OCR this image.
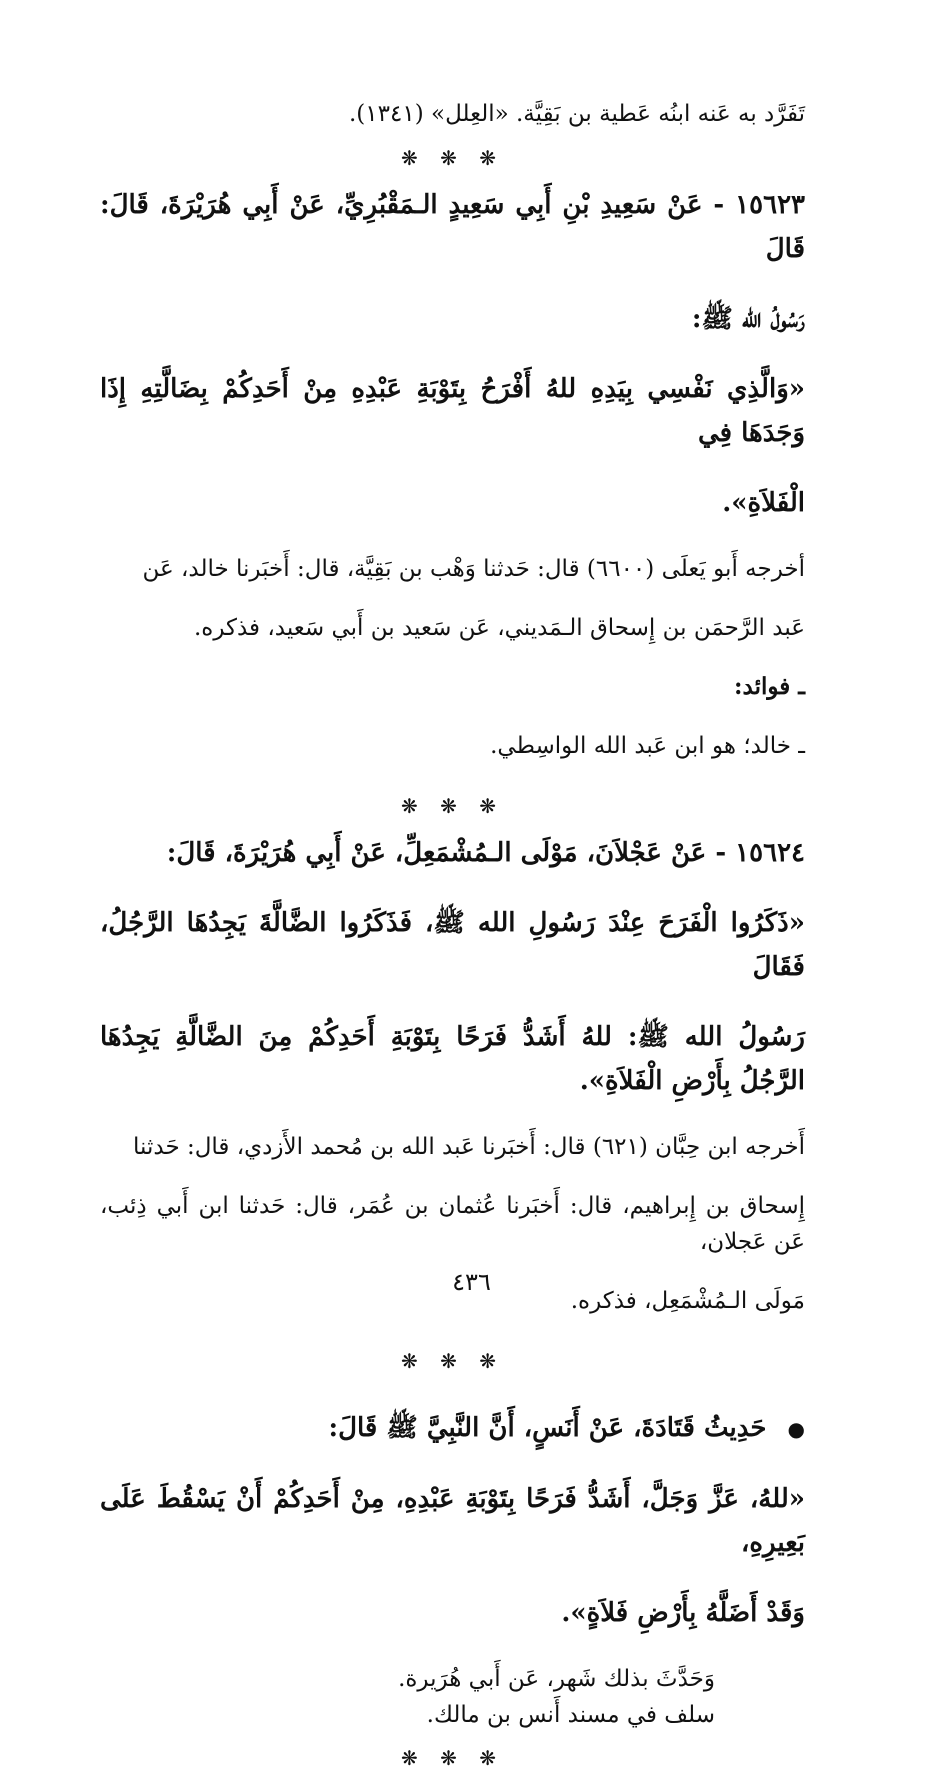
تَفَرَّد به عَنه ابنُه عَطية بن بَقِيَّة. «العِلل» (١٣٤١).

❋ ❋ ❋

١٥٦٢٣ - عَنْ سَعِيدِ بْنِ أَبِي سَعِيدٍ الـمَقْبُرِيِّ، عَنْ أَبِي هُرَيْرَةَ، قَالَ: قَالَ

رَسُولُ الله ﷺ:

«وَالَّذِي نَفْسِي بِيَدِهِ للهُ أَفْرَحُ بِتَوْبَةِ عَبْدِهِ مِنْ أَحَدِكُمْ بِضَالَّتِهِ إِذَا وَجَدَهَا فِي

الْفَلاَةِ».

أخرجه أَبو يَعلَى (٦٦٠٠) قال: حَدثنا وَهْب بن بَقِيَّة، قال: أَخبَرنا خالد، عَن

عَبد الرَّحمَن بن إِسحاق الـمَديني، عَن سَعيد بن أَبي سَعيد، فذكره.

ـ فوائد:

ـ خالد؛ هو ابن عَبد الله الواسِطي.

❋ ❋ ❋

١٥٦٢٤ - عَنْ عَجْلاَنَ، مَوْلَى الـمُشْمَعِلِّ، عَنْ أَبِي هُرَيْرَةَ، قَالَ:

«ذَكَرُوا الْفَرَحَ عِنْدَ رَسُولِ الله ﷺ، فَذَكَرُوا الضَّالَّةَ يَجِدُهَا الرَّجُلُ، فَقَالَ

رَسُولُ الله ﷺ: للهُ أَشَدُّ فَرَحًا بِتَوْبَةِ أَحَدِكُمْ مِنَ الضَّالَّةِ يَجِدُهَا الرَّجُلُ بِأَرْضِ الْفَلاَةِ».

أَخرجه ابن حِبَّان (٦٢١) قال: أَخبَرنا عَبد الله بن مُحمد الأَزدي، قال: حَدثنا

إِسحاق بن إِبراهيم، قال: أَخبَرنا عُثمان بن عُمَر، قال: حَدثنا ابن أَبي ذِئب، عَن عَجلان،

مَولَى الـمُشْمَعِل، فذكره.

❋ ❋ ❋

● حَدِيثُ قَتَادَةَ، عَنْ أَنَسٍ، أَنَّ النَّبِيَّ ﷺ قَالَ:

«للهُ، عَزَّ وَجَلَّ، أَشَدُّ فَرَحًا بِتَوْبَةِ عَبْدِهِ، مِنْ أَحَدِكُمْ أَنْ يَسْقُطَ عَلَى بَعِيرِهِ،

وَقَدْ أَضَلَّهُ بِأَرْضِ فَلاَةٍ».

وَحَدَّثَ بذلك شَهر، عَن أَبي هُرَيرة.

سلف في مسند أَنس بن مالك.

❋ ❋ ❋
٤٣٦
